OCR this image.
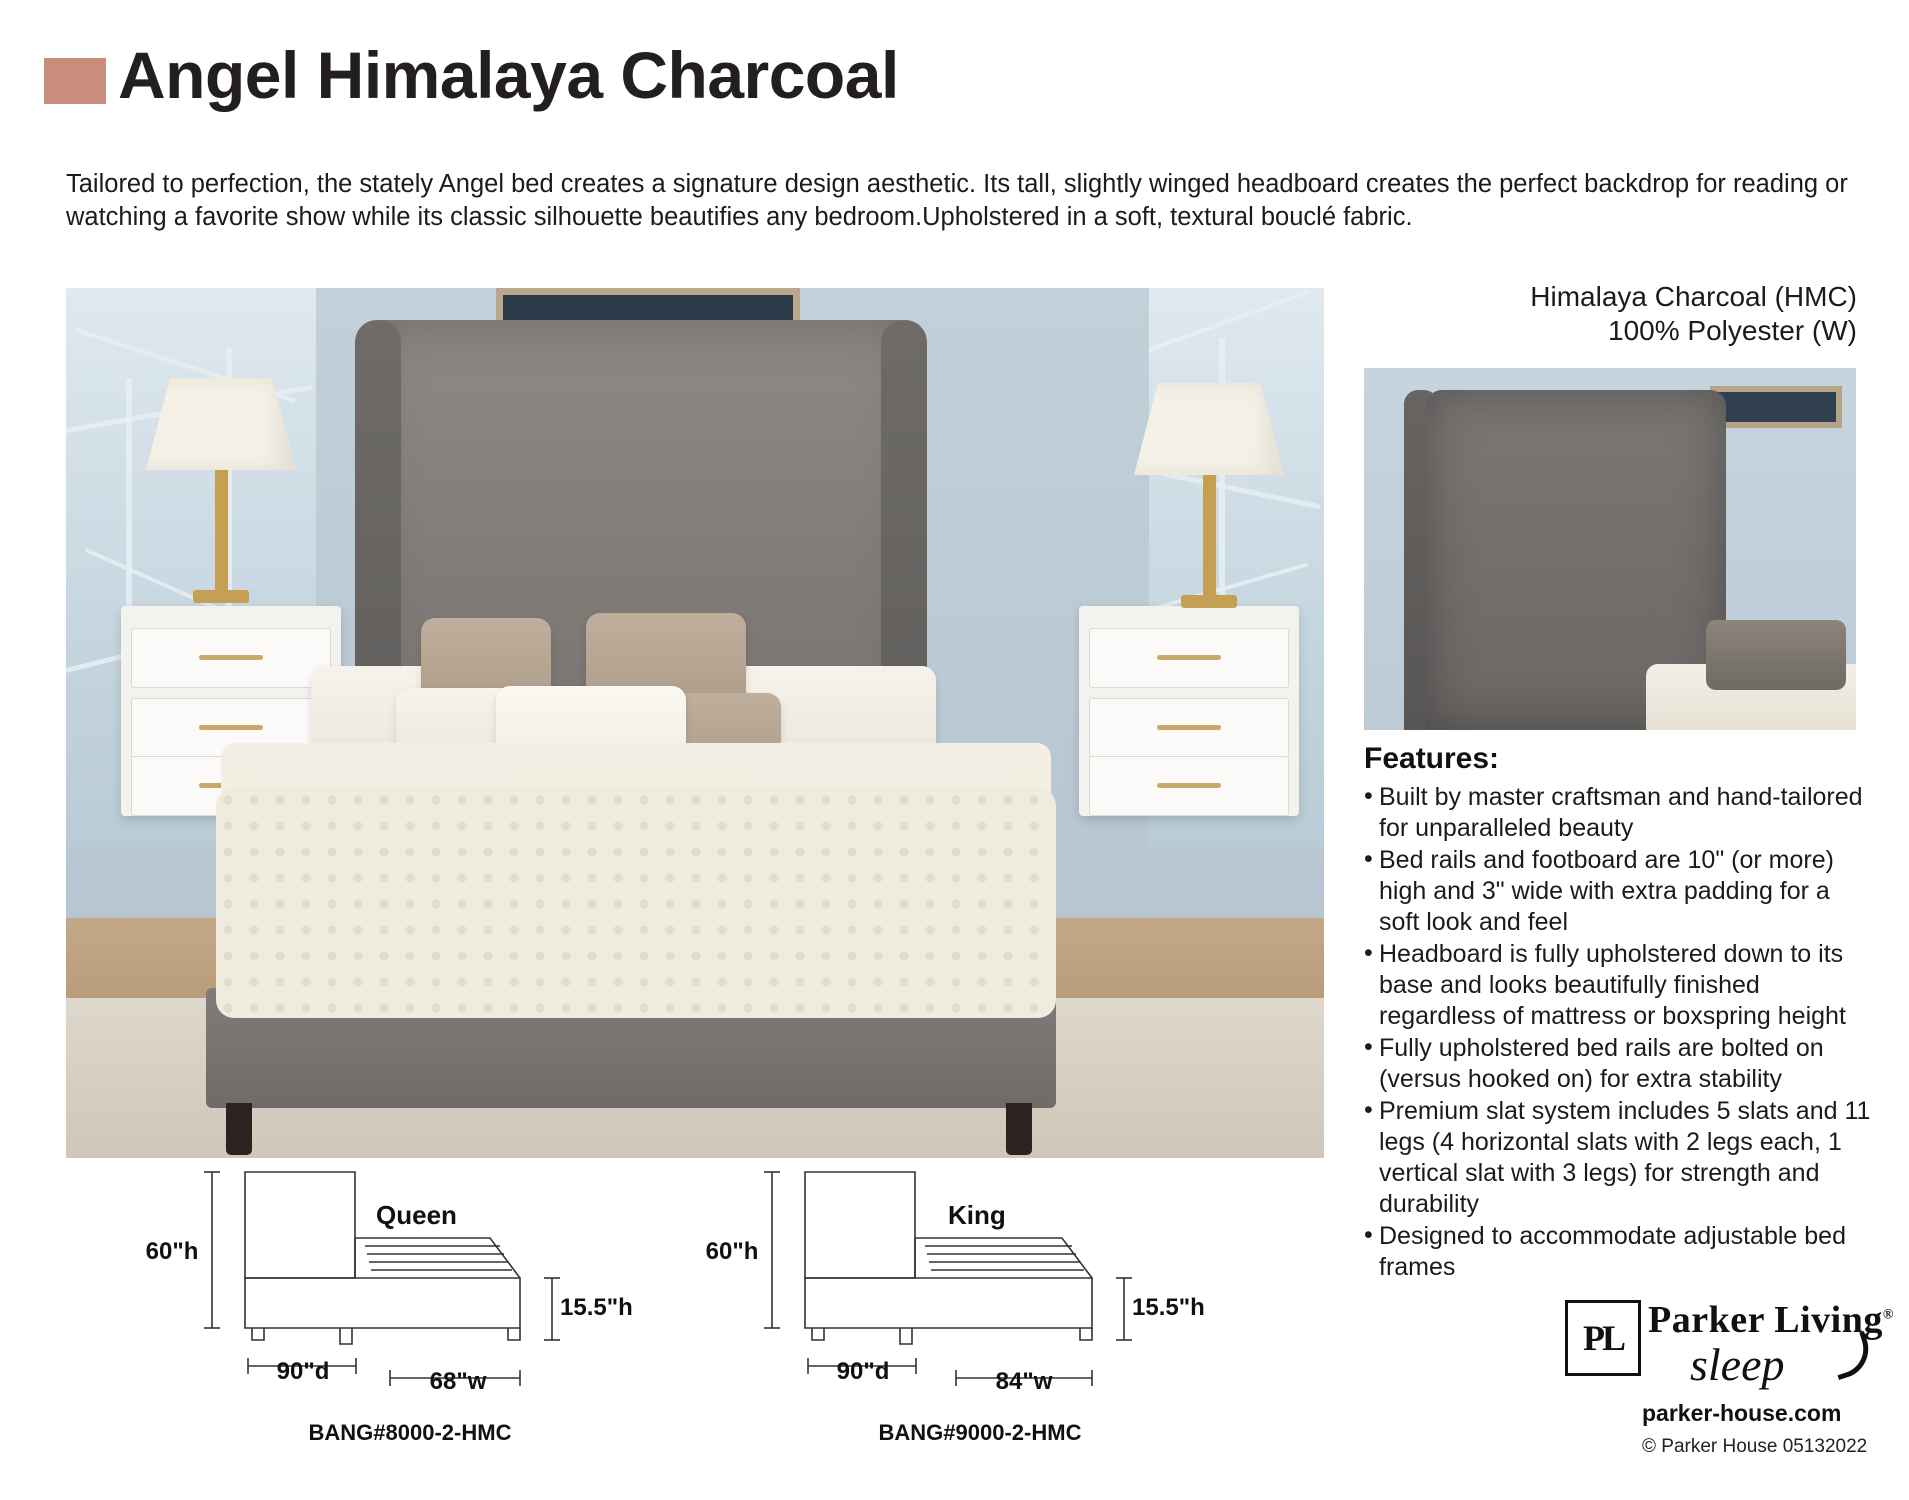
Angel Himalaya Charcoal
Tailored to perfection, the stately Angel bed creates a signature design aesthetic. Its tall, slightly winged headboard creates the perfect backdrop for reading or watching a favorite show while its classic silhouette beautifies any bedroom.Upholstered in a soft, textural bouclé fabric.
Himalaya Charcoal (HMC)
100% Polyester (W)
Features:
• Built by master craftsman and hand-tailored for unparalleled beauty
• Bed rails and footboard are 10" (or more) high and 3" wide with extra padding for a soft look and feel
• Headboard is fully upholstered down to its base and looks beautifully finished regardless of mattress or boxspring height
• Fully upholstered bed rails are bolted on (versus hooked on) for extra stability
• Premium slat system includes 5 slats and 11 legs (4 horizontal slats with 2 legs each, 1 vertical slat with 3 legs) for strength and durability
• Designed to accommodate adjustable bed frames
Queen
60"h
15.5"h
90"d	68"w
BANG#8000-2-HMC
King
60"h
15.5"h
90"d	84"w
BANG#9000-2-HMC
PL Parker Living®
sleep
parker-house.com
© Parker House 05132022
